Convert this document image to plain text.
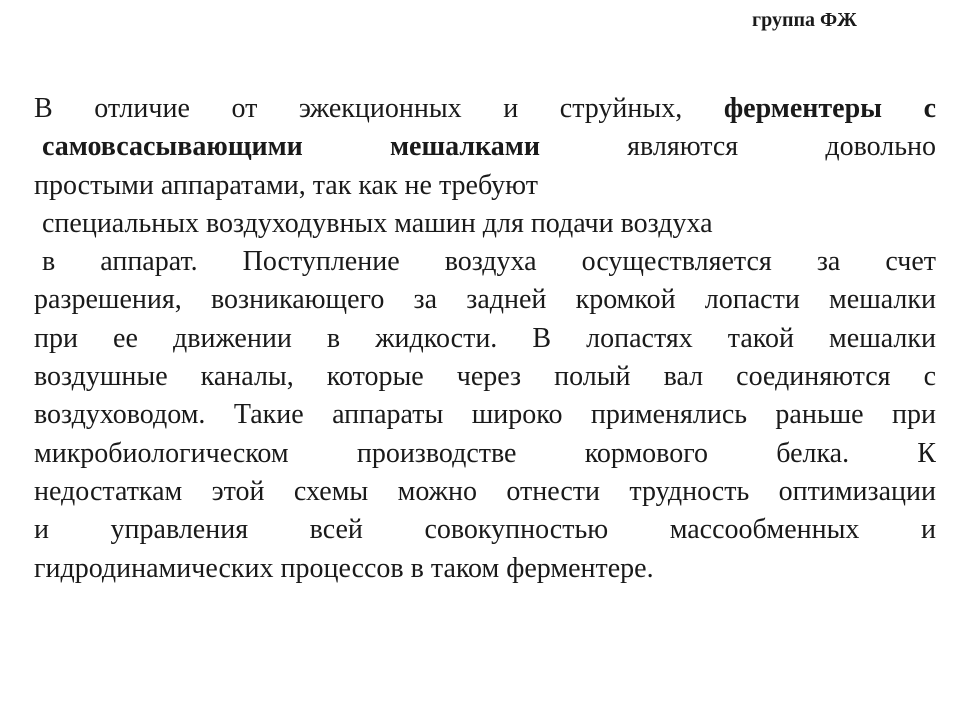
группа ФЖ
В отличие от эжекционных и струйных, ферментеры с
самовсасывающими мешалками	являются довольно
простыми аппаратами, так как не требуют
специальных воздуходувных машин для подачи воздуха
в аппарат. Поступление воздуха осуществляется за счет
разрешения, возникающего за задней кромкой лопасти мешалки
при ее движении в жидкости. В лопастях такой мешалки
воздушные каналы, которые через полый вал соединяются с
воздуховодом. Такие аппараты широко применялись раньше при
микробиологическом производстве кормового белка. К
недостаткам этой схемы можно отнести трудность оптимизации
и управления всей совокупностью массообменных и
гидродинамических процессов в таком ферментере.
